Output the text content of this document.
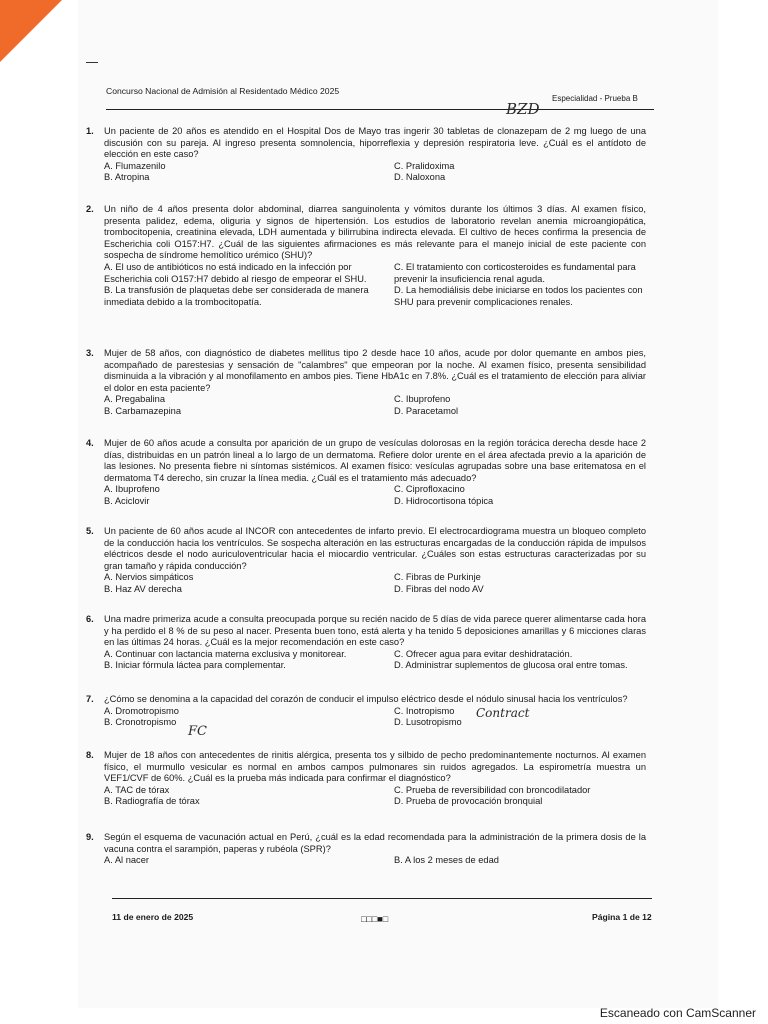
Concurso Nacional de Admisión al Residentado Médico 2025
Especialidad - Prueba B
BZD
1.	Un paciente de 20 años es atendido en el Hospital Dos de Mayo tras ingerir 30 tabletas de clonazepam de 2 mg luego de una discusión con su pareja. Al ingreso presenta somnolencia, hiporreflexia y depresión respiratoria leve. ¿Cuál es el antídoto de elección en este caso?
A. Flumazenilo	C. Pralidoxima
B. Atropina	D. Naloxona
2.	Un niño de 4 años presenta dolor abdominal, diarrea sanguinolenta y vómitos durante los últimos 3 días. Al examen físico, presenta palidez, edema, oliguria y signos de hipertensión. Los estudios de laboratorio revelan anemia microangiopática, trombocitopenia, creatinina elevada, LDH aumentada y bilirrubina indirecta elevada. El cultivo de heces confirma la presencia de Escherichia coli O157:H7. ¿Cuál de las siguientes afirmaciones es más relevante para el manejo inicial de este paciente con sospecha de síndrome hemolítico urémico (SHU)?
A. El uso de antibióticos no está indicado en la infección por Escherichia coli O157:H7 debido al riesgo de empeorar el SHU.
C. El tratamiento con corticosteroides es fundamental para prevenir la insuficiencia renal aguda.
B. La transfusión de plaquetas debe ser considerada de manera inmediata debido a la trombocitopatía.
D. La hemodiálisis debe iniciarse en todos los pacientes con SHU para prevenir complicaciones renales.
3.	Mujer de 58 años, con diagnóstico de diabetes mellitus tipo 2 desde hace 10 años, acude por dolor quemante en ambos pies, acompañado de parestesias y sensación de "calambres" que empeoran por la noche. Al examen físico, presenta sensibilidad disminuida a la vibración y al monofilamento en ambos pies. Tiene HbA1c en 7.8%. ¿Cuál es el tratamiento de elección para aliviar el dolor en esta paciente?
A. Pregabalina	C. Ibuprofeno
B. Carbamazepina	D. Paracetamol
4.	Mujer de 60 años acude a consulta por aparición de un grupo de vesículas dolorosas en la región torácica derecha desde hace 2 días, distribuidas en un patrón lineal a lo largo de un dermatoma. Refiere dolor urente en el área afectada previo a la aparición de las lesiones. No presenta fiebre ni síntomas sistémicos. Al examen físico: vesículas agrupadas sobre una base eritematosa en el dermatoma T4 derecho, sin cruzar la línea media. ¿Cuál es el tratamiento más adecuado?
A. Ibuprofeno	C. Ciprofloxacino
B. Aciclovir	D. Hidrocortisona tópica
5.	Un paciente de 60 años acude al INCOR con antecedentes de infarto previo. El electrocardiograma muestra un bloqueo completo de la conducción hacia los ventrículos. Se sospecha alteración en las estructuras encargadas de la conducción rápida de impulsos eléctricos desde el nodo auriculoventricular hacia el miocardio ventricular. ¿Cuáles son estas estructuras caracterizadas por su gran tamaño y rápida conducción?
A. Nervios simpáticos	C. Fibras de Purkinje
B. Haz AV derecha	D. Fibras del nodo AV
6.	Una madre primeriza acude a consulta preocupada porque su recién nacido de 5 días de vida parece querer alimentarse cada hora y ha perdido el 8 % de su peso al nacer. Presenta buen tono, está alerta y ha tenido 5 deposiciones amarillas y 6 micciones claras en las últimas 24 horas. ¿Cuál es la mejor recomendación en este caso?
A. Continuar con lactancia materna exclusiva y monitorear.	C. Ofrecer agua para evitar deshidratación.
B. Iniciar fórmula láctea para complementar.	D. Administrar suplementos de glucosa oral entre tomas.
7.	¿Cómo se denomina a la capacidad del corazón de conducir el impulso eléctrico desde el nódulo sinusal hacia los ventrículos?
A. Dromotropismo	C. Inotropismo
B. Cronotropismo	D. Lusotropismo
FC
Contract
8.	Mujer de 18 años con antecedentes de rinitis alérgica, presenta tos y silbido de pecho predominantemente nocturnos. Al examen físico, el murmullo vesicular es normal en ambos campos pulmonares sin ruidos agregados. La espirometría muestra un VEF1/CVF de 60%. ¿Cuál es la prueba más indicada para confirmar el diagnóstico?
A. TAC de tórax	C. Prueba de reversibilidad con broncodilatador
B. Radiografía de tórax	D. Prueba de provocación bronquial
9.	Según el esquema de vacunación actual en Perú, ¿cuál es la edad recomendada para la administración de la primera dosis de la vacuna contra el sarampión, paperas y rubéola (SPR)?
A. Al nacer	B. A los 2 meses de edad
11 de enero de 2025	□□□■□	Página 1 de 12
Escaneado con CamScanner
